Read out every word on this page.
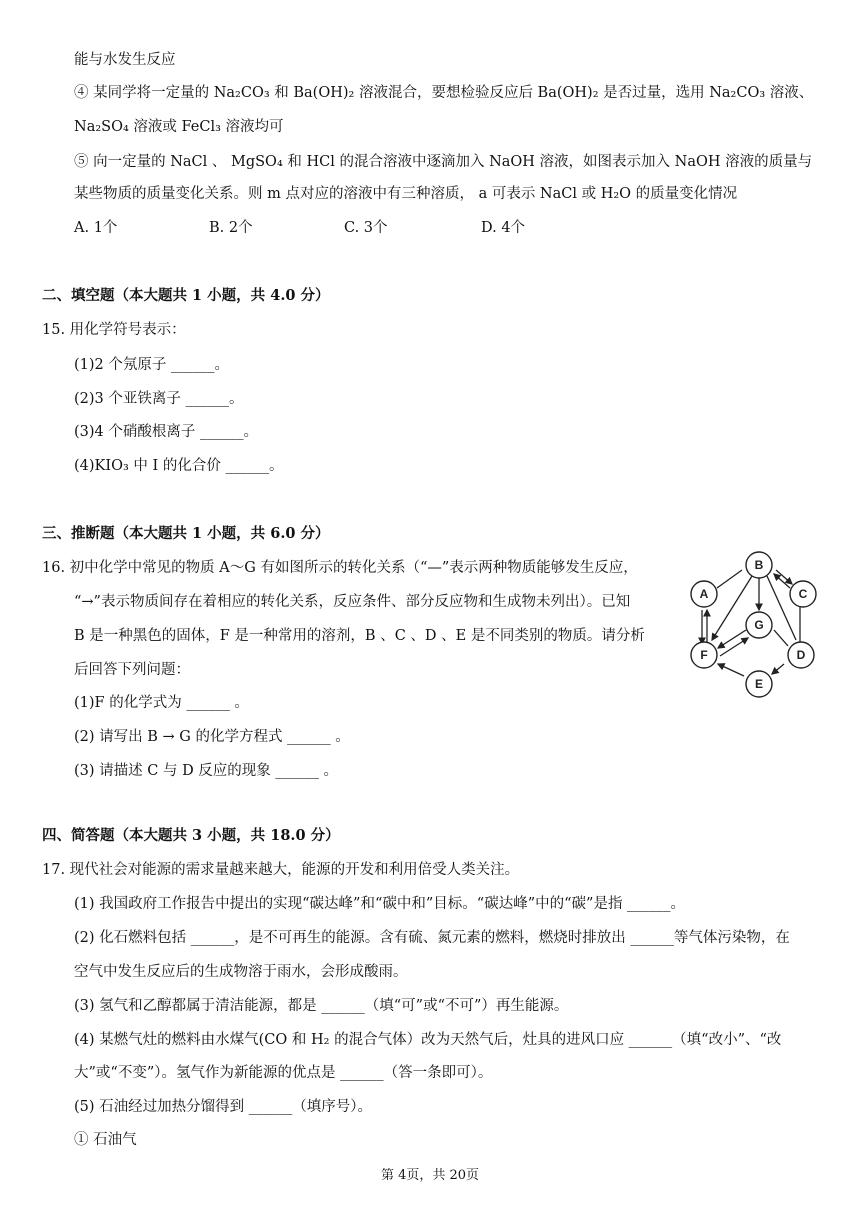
能与水发生反应
④ 某同学将一定量的 Na₂CO₃ 和 Ba(OH)₂ 溶液混合，要想检验反应后 Ba(OH)₂ 是否过量，选用 Na₂CO₃ 溶液、
Na₂SO₄ 溶液或 FeCl₃ 溶液均可
⑤ 向一定量的 NaCl 、 MgSO₄ 和 HCl 的混合溶液中逐滴加入 NaOH 溶液，如图表示加入 NaOH 溶液的质量与
某些物质的质量变化关系。则 m 点对应的溶液中有三种溶质， a 可表示 NaCl 或 H₂O 的质量变化情况
A. 1个	B. 2个	C. 3个	D. 4个
二、填空题（本大题共 1 小题，共 4.0 分）
15. 用化学符号表示：
(1)2 个氖原子 ______。
(2)3 个亚铁离子 ______。
(3)4 个硝酸根离子 ______。
(4)KIO₃ 中 I 的化合价 ______。
三、推断题（本大题共 1 小题，共 6.0 分）
16. 初中化学中常见的物质 A～G 有如图所示的转化关系（“—”表示两种物质能够发生反应，
“→”表示物质间存在着相应的转化关系，反应条件、部分反应物和生成物未列出）。已知
B 是一种黑色的固体，F 是一种常用的溶剂，B 、C 、D 、E 是不同类别的物质。请分析
后回答下列问题：
(1)F 的化学式为 ______ 。
(2) 请写出 B → G 的化学方程式 ______ 。
(3) 请描述 C 与 D 反应的现象 ______ 。
B
C
A
G
F	D
E
四、简答题（本大题共 3 小题，共 18.0 分）
17. 现代社会对能源的需求量越来越大，能源的开发和利用倍受人类关注。
(1) 我国政府工作报告中提出的实现“碳达峰”和“碳中和”目标。“碳达峰”中的“碳”是指 ______。
(2) 化石燃料包括 ______，是不可再生的能源。含有硫、氮元素的燃料，燃烧时排放出 ______等气体污染物，在
空气中发生反应后的生成物溶于雨水，会形成酸雨。
(3) 氢气和乙醇都属于清洁能源，都是 ______（填“可”或“不可”）再生能源。
(4) 某燃气灶的燃料由水煤气(CO 和 H₂ 的混合气体）改为天然气后，灶具的进风口应 ______（填“改小”、“改
大”或“不变”）。氢气作为新能源的优点是 ______（答一条即可）。
(5) 石油经过加热分馏得到 ______（填序号）。
① 石油气
第 4页，共 20页
